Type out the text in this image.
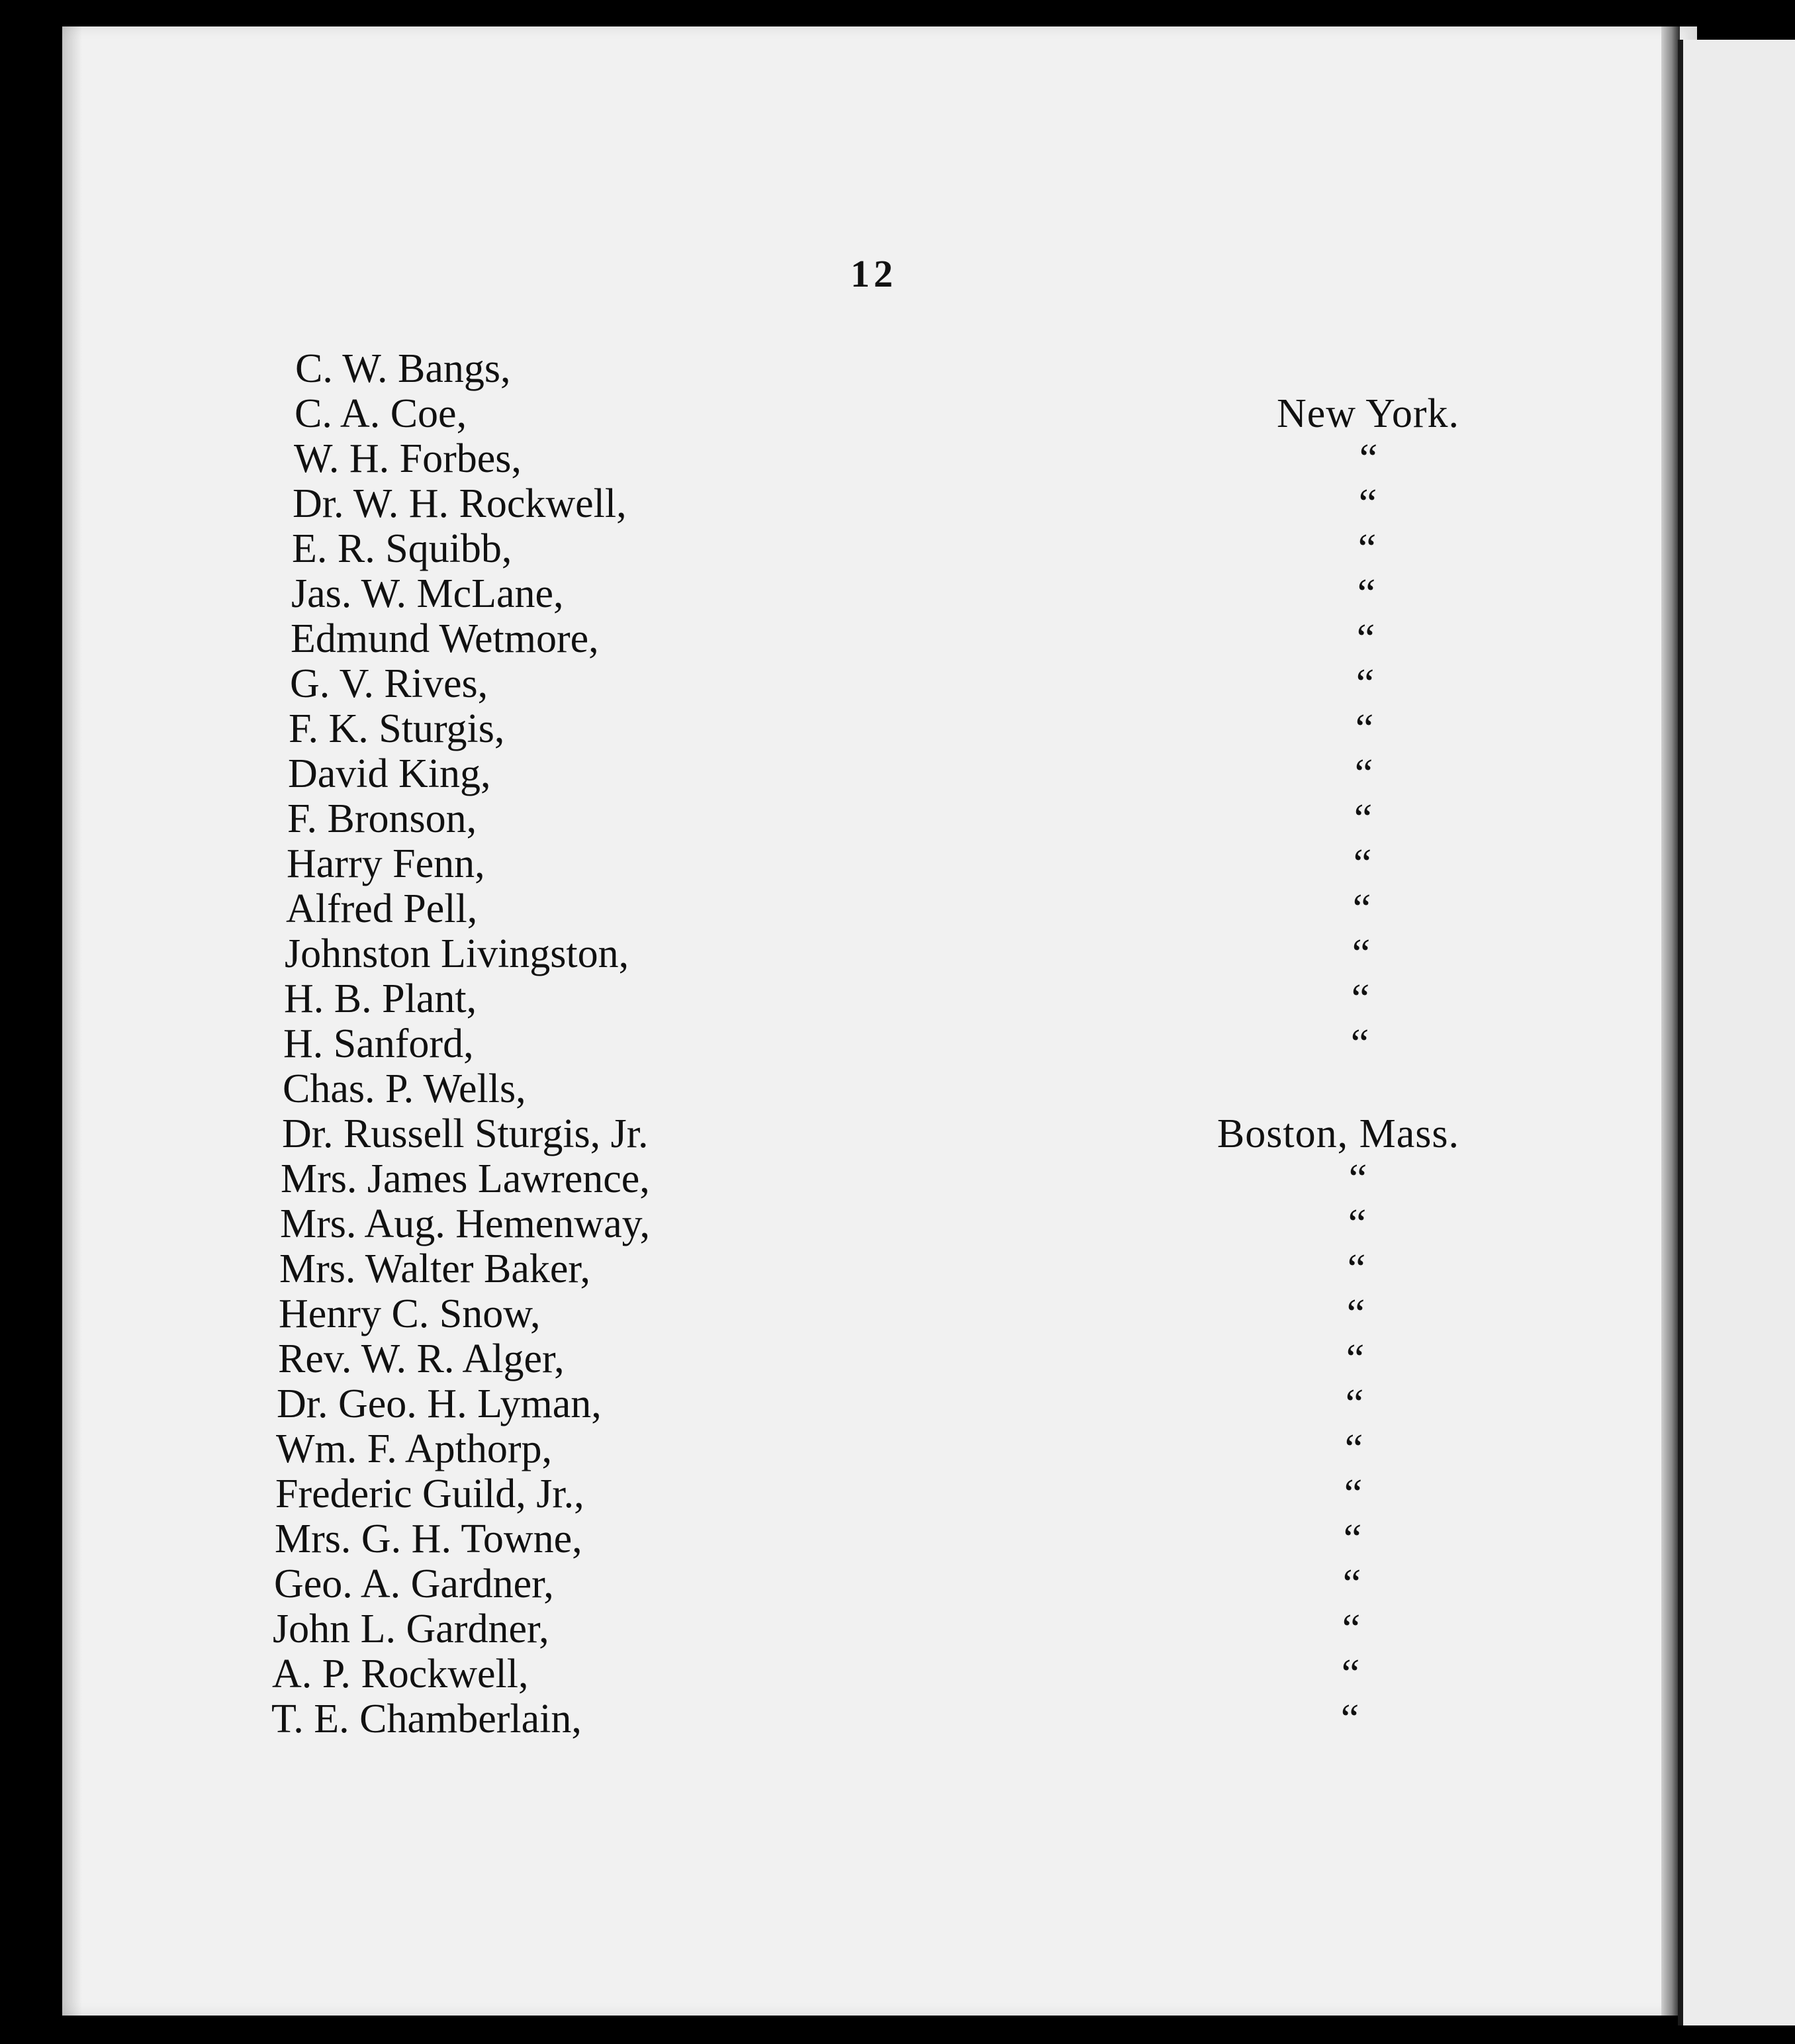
12
C. W. Bangs,
C. A. Coe,	New York.
W. H. Forbes,	“
Dr. W. H. Rockwell,	“
E. R. Squibb,	“
Jas. W. McLane,	“
Edmund Wetmore,	“
G. V. Rives,	“
F. K. Sturgis,	“
David King,	“
F. Bronson,	“
Harry Fenn,	“
Alfred Pell,	“
Johnston Livingston,	“
H. B. Plant,	“
H. Sanford,	“
Chas. P. Wells,
Dr. Russell Sturgis, Jr.	Boston, Mass.
Mrs. James Lawrence,	“
Mrs. Aug. Hemenway,	“
Mrs. Walter Baker,	“
Henry C. Snow,	“
Rev. W. R. Alger,	“
Dr. Geo. H. Lyman,	“
Wm. F. Apthorp,	“
Frederic Guild, Jr.,	“
Mrs. G. H. Towne,	“
Geo. A. Gardner,	“
John L. Gardner,	“
A. P. Rockwell,	“
T. E. Chamberlain,	“
